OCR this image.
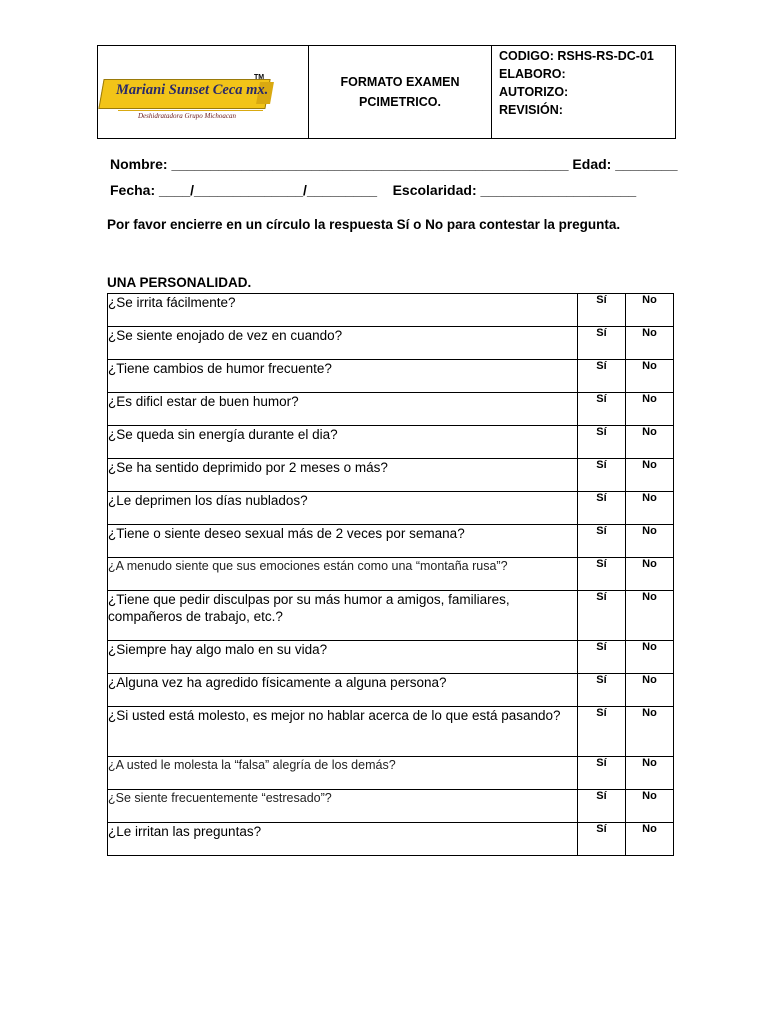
Mariani Sunset Ceca mx.
TM
Deshidratadora Grupo Michoacan
FORMATO EXAMEN
PCIMETRICO.
CODIGO: RSHS-RS-DC-01
ELABORO:
AUTORIZO:
REVISIÓN:
Nombre: ___________________________________________________ Edad: ________
Fecha: ____/______________/_________    Escolaridad: ____________________
Por favor encierre en un círculo la respuesta Sí o No para contestar la pregunta.
UNA PERSONALIDAD.
¿Se irrita fácilmente?	Sí	No
¿Se siente enojado de vez en cuando?	Sí	No
¿Tiene cambios de humor frecuente?	Sí	No
¿Es dificl estar de buen humor?	Sí	No
¿Se queda sin energía durante el dia?	Sí	No
¿Se ha sentido deprimido por 2 meses o más?	Sí	No
¿Le deprimen los días nublados?	Sí	No
¿Tiene o siente deseo sexual más de 2 veces por semana?	Sí	No
¿A menudo siente que sus emociones están como una “montaña rusa”?	Sí	No
¿Tiene que pedir disculpas por su más humor a amigos, familiares, compañeros de trabajo, etc.?	Sí	No
¿Siempre hay algo malo en su vida?	Sí	No
¿Alguna vez ha agredido físicamente a alguna persona?	Sí	No
¿Si usted está molesto, es mejor no hablar acerca de lo que está pasando?	Sí	No
¿A usted le molesta la “falsa” alegría de los demás?	Sí	No
¿Se siente frecuentemente “estresado”?	Sí	No
¿Le irritan las preguntas?	Sí	No
